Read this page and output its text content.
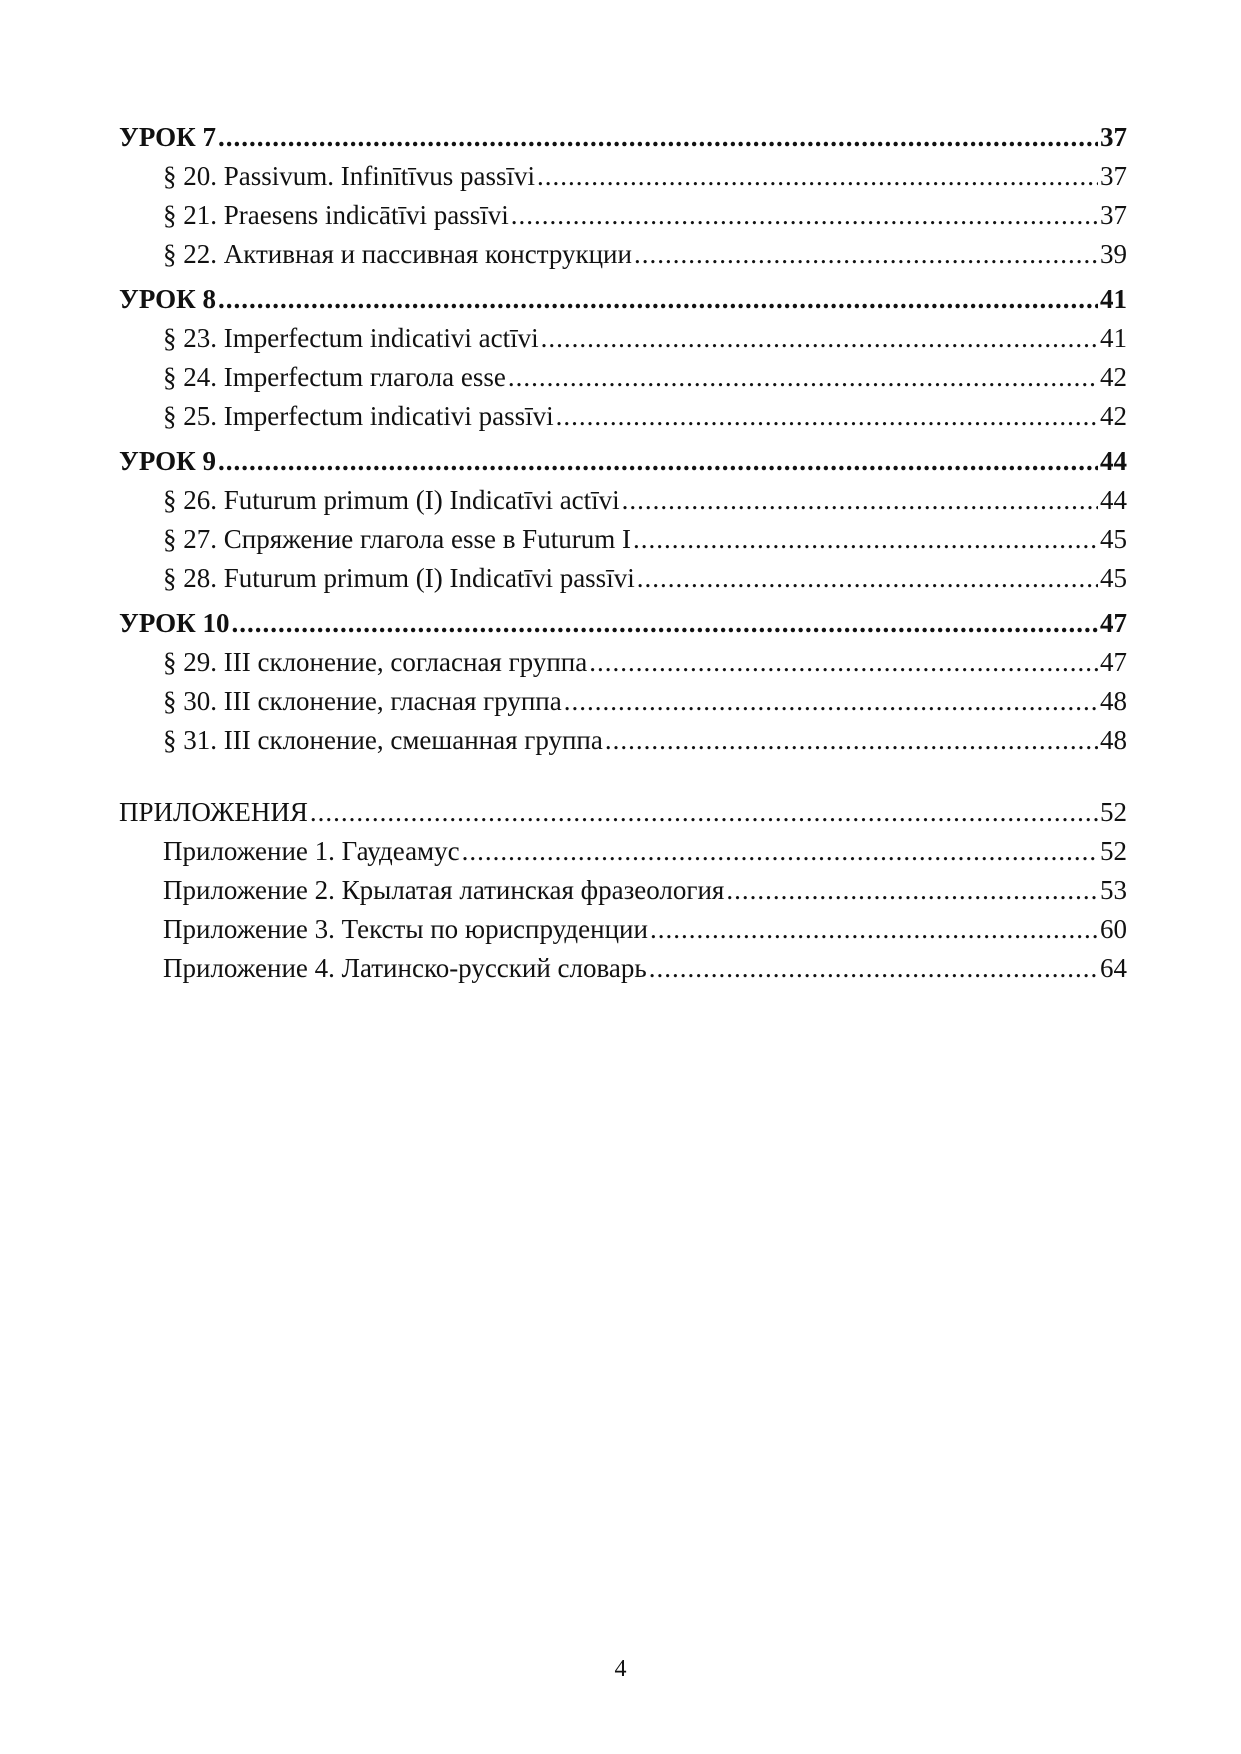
УРОК 7 .....	37
§ 20. Passivum. Infinītīvus passīvi .....	37
§ 21. Praesens indicātīvi passīvi .....	37
§ 22. Активная и пассивная конструкции .....	39
УРОК 8 .....	41
§ 23. Imperfectum indicativi actīvi .....	41
§ 24. Imperfectum глагола esse .....	42
§ 25. Imperfectum indicativi passīvi .....	42
УРОК 9 .....	44
§ 26. Futurum primum (I) Indicatīvi actīvi .....	44
§ 27. Спряжение глагола esse в Futurum I .....	45
§ 28. Futurum primum (I) Indicatīvi passīvi .....	45
УРОК 10 .....	47
§ 29. III склонение, согласная группа .....	47
§ 30. III склонение, гласная группа .....	48
§ 31. III склонение, смешанная группа .....	48
ПРИЛОЖЕНИЯ .....	52
Приложение 1. Гаудеамус .....	52
Приложение 2. Крылатая латинская фразеология .....	53
Приложение 3. Тексты по юриспруденции .....	60
Приложение 4. Латинско-русский словарь .....	64
4
